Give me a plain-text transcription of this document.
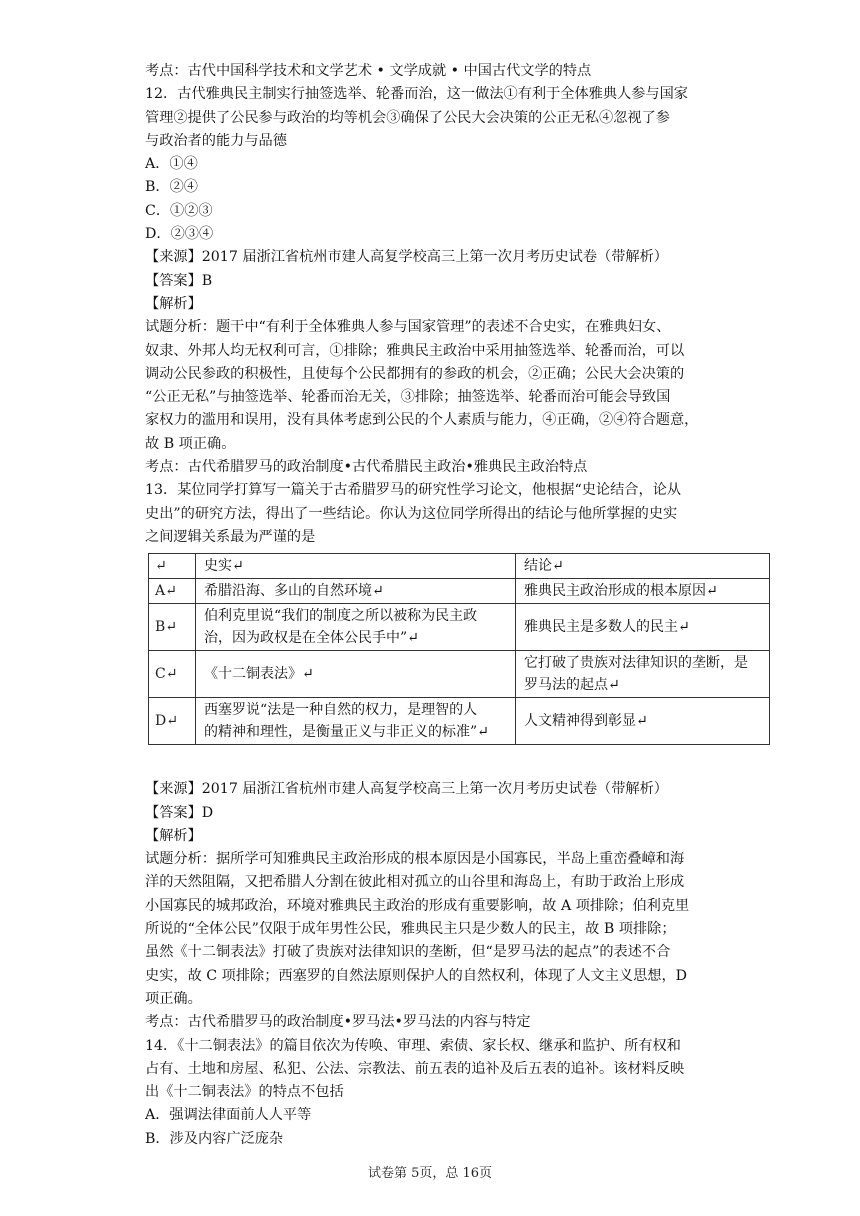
考点：古代中国科学技术和文学艺术 • 文学成就 • 中国古代文学的特点
12．古代雅典民主制实行抽签选举、轮番而治，这一做法①有利于全体雅典人参与国家
管理②提供了公民参与政治的均等机会③确保了公民大会决策的公正无私④忽视了参
与政治者的能力与品德
A．①④
B．②④
C．①②③
D．②③④
【来源】2017 届浙江省杭州市建人高复学校高三上第一次月考历史试卷（带解析）
【答案】B
【解析】
试题分析：题干中“有利于全体雅典人参与国家管理”的表述不合史实，在雅典妇女、
奴隶、外邦人均无权利可言，①排除；雅典民主政治中采用抽签选举、轮番而治，可以
调动公民参政的积极性，且使每个公民都拥有的参政的机会，②正确；公民大会决策的
“公正无私”与抽签选举、轮番而治无关，③排除；抽签选举、轮番而治可能会导致国
家权力的滥用和误用，没有具体考虑到公民的个人素质与能力，④正确，②④符合题意，
故 B 项正确。
考点：古代希腊罗马的政治制度•古代希腊民主政治•雅典民主政治特点
13．某位同学打算写一篇关于古希腊罗马的研究性学习论文，他根据“史论结合，论从
史出”的研究方法，得出了一些结论。你认为这位同学所得出的结论与他所掌握的史实
之间逻辑关系最为严谨的是
↵	史实↵	结论↵
A↵	希腊沿海、多山的自然环境↵	雅典民主政治形成的根本原因↵

B↵	伯利克里说“我们的制度之所以被称为民主政
治，因为政权是在全体公民手中”↵	雅典民主是多数人的民主↵

C↵	《十二铜表法》↵	它打破了贵族对法律知识的垄断，是
罗马法的起点↵

D↵	西塞罗说“法是一种自然的权力，是理智的人
的精神和理性，是衡量正义与非正义的标准”↵	人文精神得到彰显↵
【来源】2017 届浙江省杭州市建人高复学校高三上第一次月考历史试卷（带解析）
【答案】D
【解析】
试题分析：据所学可知雅典民主政治形成的根本原因是小国寡民，半岛上重峦叠嶂和海
洋的天然阻隔，又把希腊人分割在彼此相对孤立的山谷里和海岛上，有助于政治上形成
小国寡民的城邦政治，环境对雅典民主政治的形成有重要影响，故 A 项排除；伯利克里
所说的“全体公民”仅限于成年男性公民，雅典民主只是少数人的民主，故 B 项排除；
虽然《十二铜表法》打破了贵族对法律知识的垄断，但“是罗马法的起点”的表述不合
史实，故 C 项排除；西塞罗的自然法原则保护人的自然权利，体现了人文主义思想，D
项正确。
考点：古代希腊罗马的政治制度•罗马法•罗马法的内容与特定
14．《十二铜表法》的篇目依次为传唤、审理、索债、家长权、继承和监护、所有权和
占有、土地和房屋、私犯、公法、宗教法、前五表的追补及后五表的追补。该材料反映
出《十二铜表法》的特点不包括
A．强调法律面前人人平等
B．涉及内容广泛庞杂
试卷第 5页，总 16页
